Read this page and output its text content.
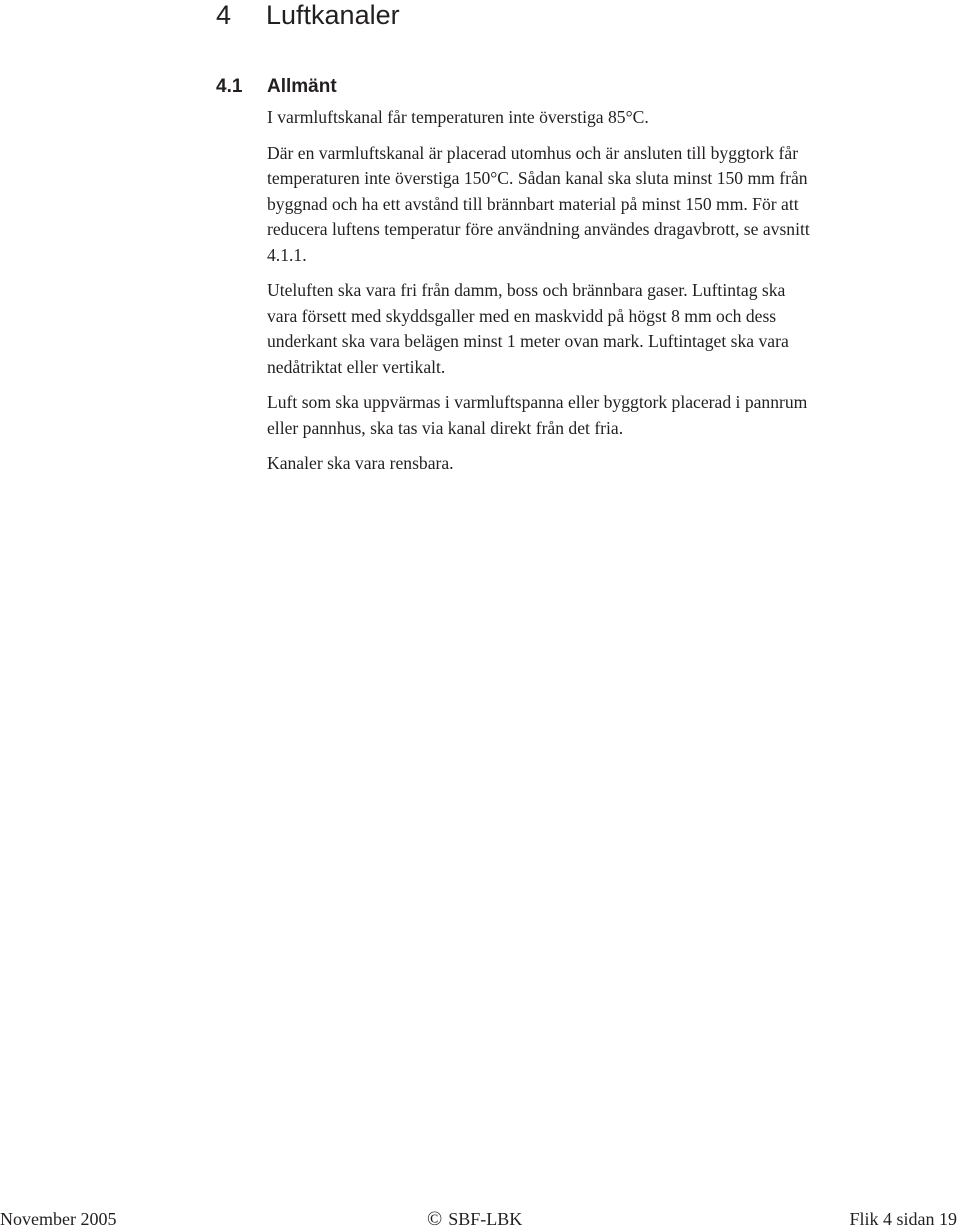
4 Luftkanaler
4.1 Allmänt

I varmluftskanal får temperaturen inte överstiga 85°C.

Där en varmluftskanal är placerad utomhus och är ansluten till byggtork får
temperaturen inte överstiga 150°C. Sådan kanal ska sluta minst 150 mm från
byggnad och ha ett avstånd till brännbart material på minst 150 mm. För att
reducera luftens temperatur före användning användes dragavbrott, se avsnitt
4.1.1.

Uteluften ska vara fri från damm, boss och brännbara gaser. Luftintag ska
vara försett med skyddsgaller med en maskvidd på högst 8 mm och dess
underkant ska vara belägen minst 1 meter ovan mark. Luftintaget ska vara
nedåtriktat eller vertikalt.

Luft som ska uppvärmas i varmluftspanna eller byggtork placerad i pannrum
eller pannhus, ska tas via kanal direkt från det fria.

Kanaler ska vara rensbara.

November 2005	© SBF-LBK	Flik 4 sidan 19
